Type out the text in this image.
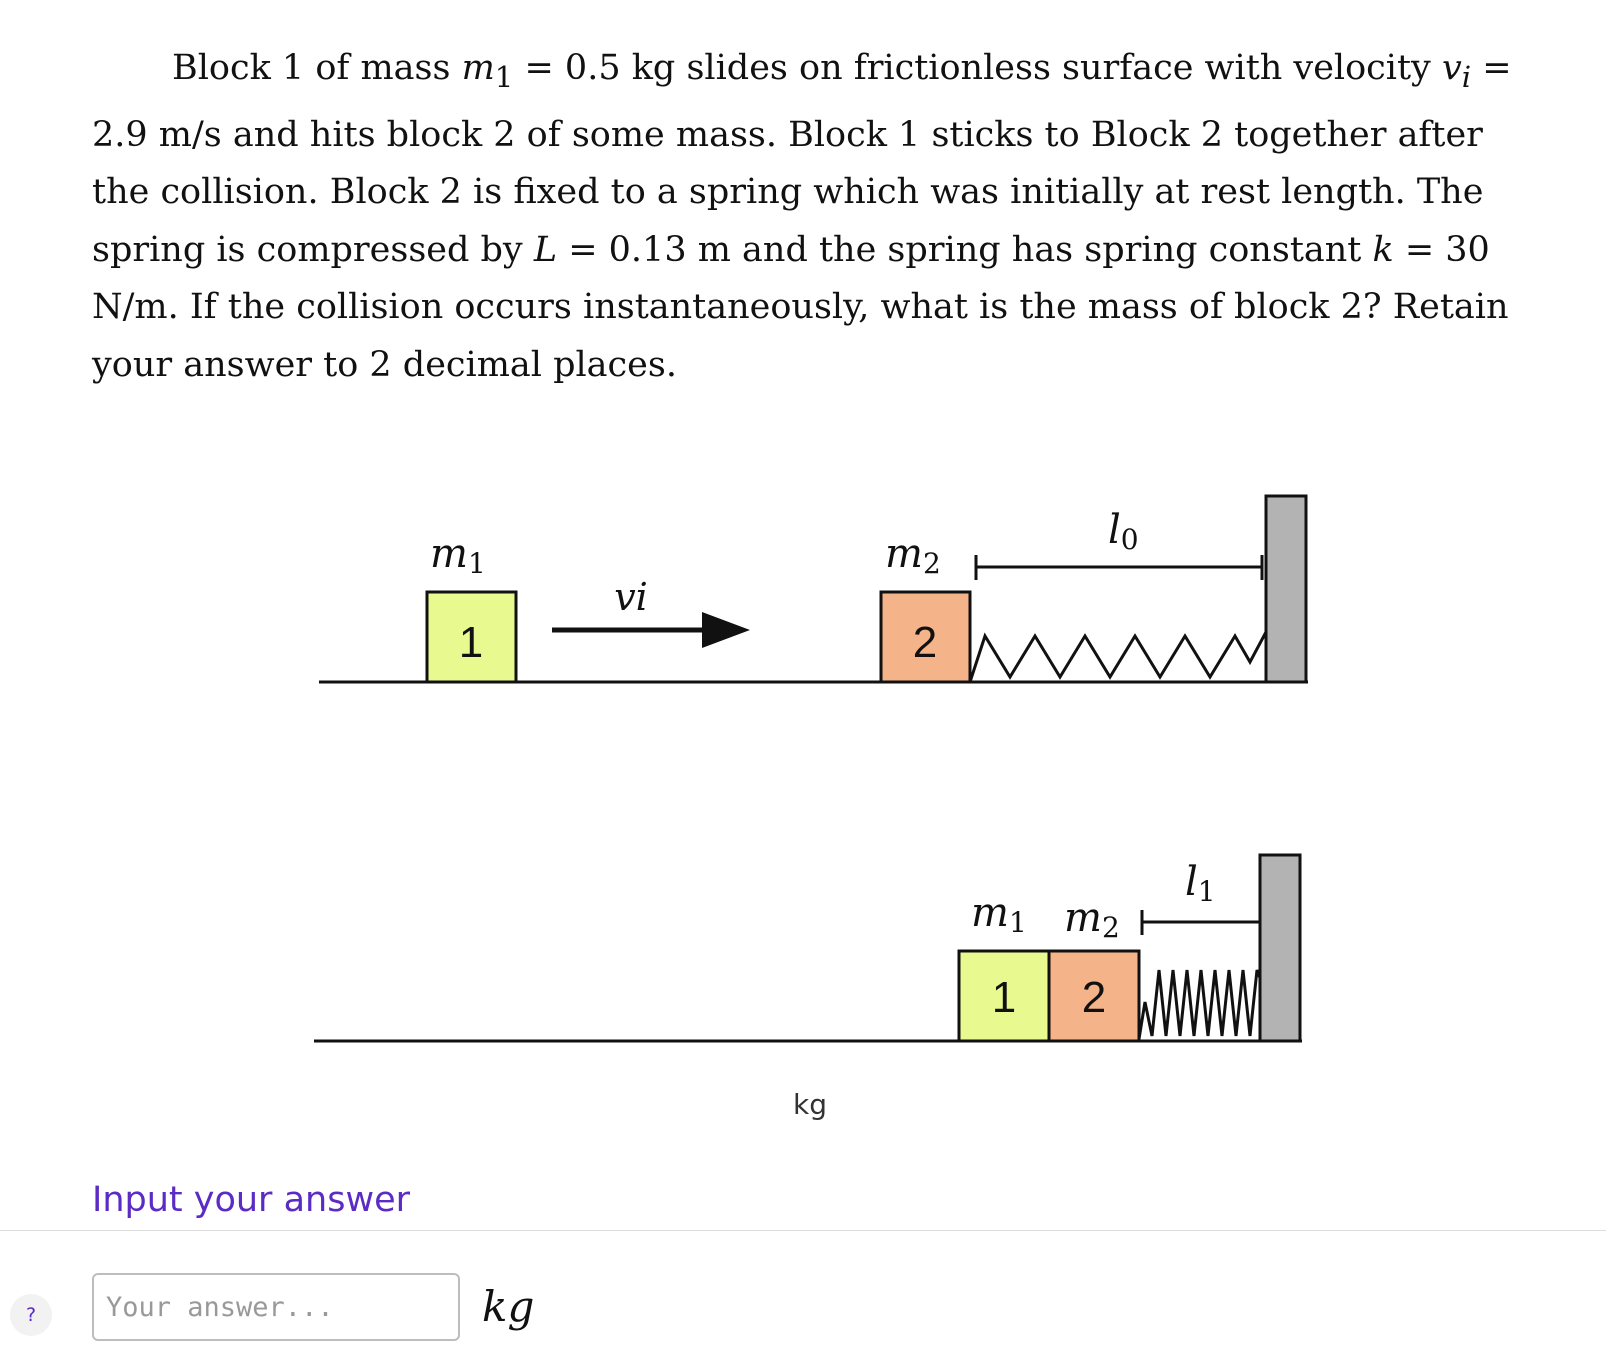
Block 1 of mass $m_1 = 0.5$ kg slides on frictionless surface with velocity $v_i = 2.9$ m/s and hits block 2 of some mass. Block 1 sticks to Block 2 together after the collision. Block 2 is fixed to a spring which was initially at rest length. The spring is compressed by L = 0.13 m and the spring has spring constant k = 30 N/m. If the collision occurs instantaneously, what is the mass of block 2? Retain your answer to 2 decimal places.
m1
1
vi
m2
2
l0
m1 m2
1 2
l1
kg
Input your answer
?
Your answer...	kg
